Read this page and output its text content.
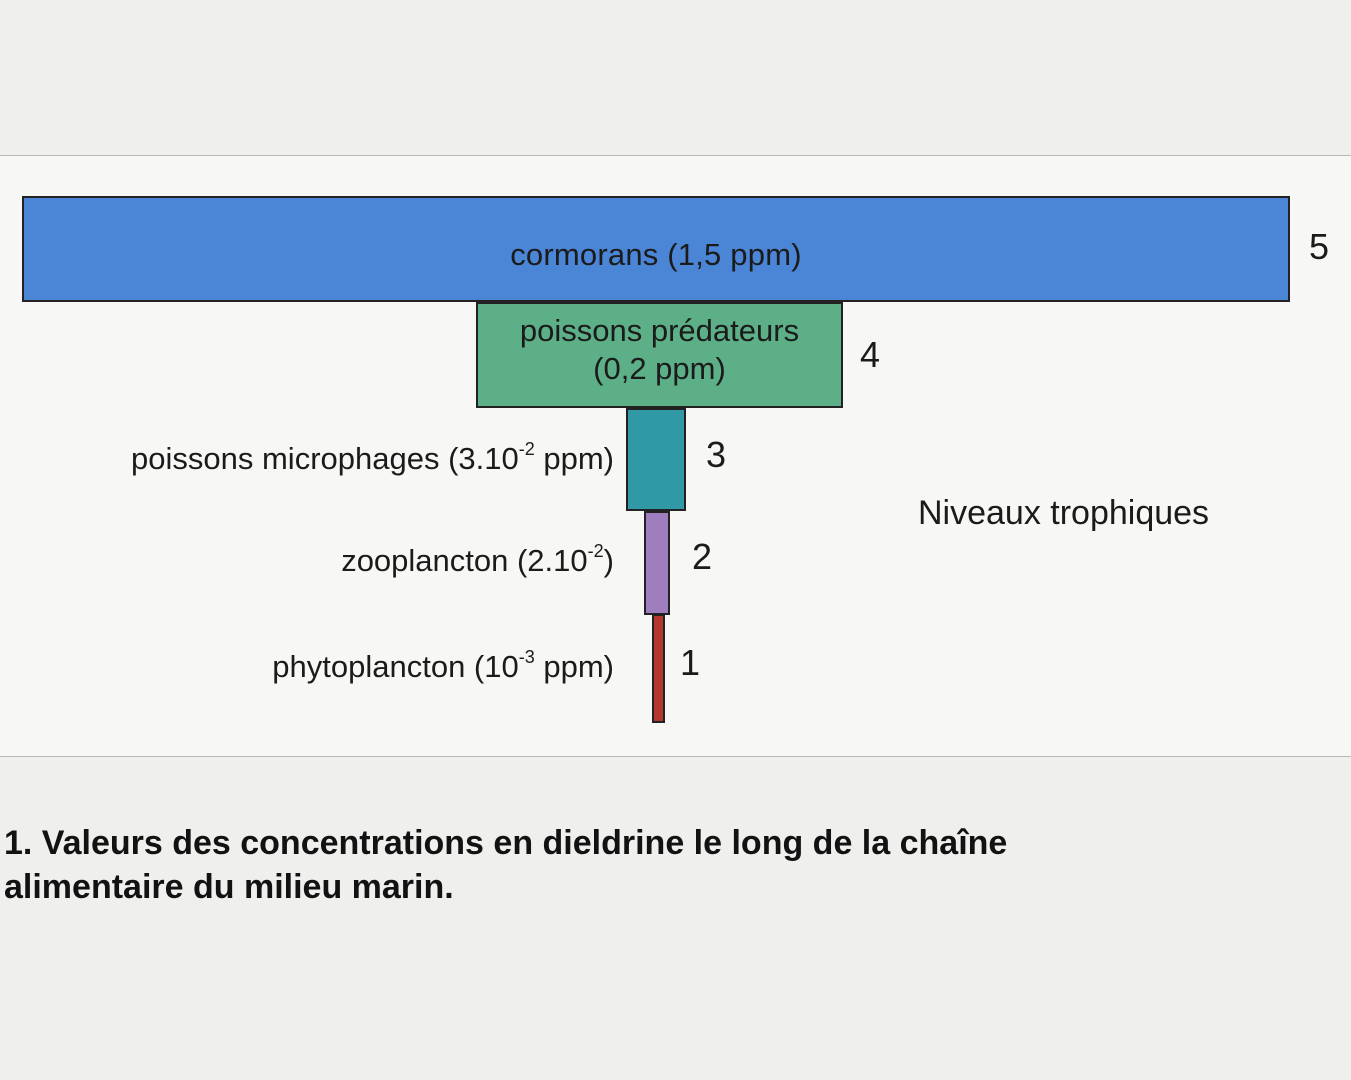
cormorans (1,5 ppm)	5
poissons prédateurs
(0,2 ppm)	4
3
poissons microphages ($3.10^{-2}$ ppm)
2
zooplancton $(2.10^{-2})$
1
phytoplancton ($10^{-3}$ ppm)
Niveaux trophiques
1. Valeurs des concentrations en dieldrine le long de la chaîne
alimentaire du milieu marin.
